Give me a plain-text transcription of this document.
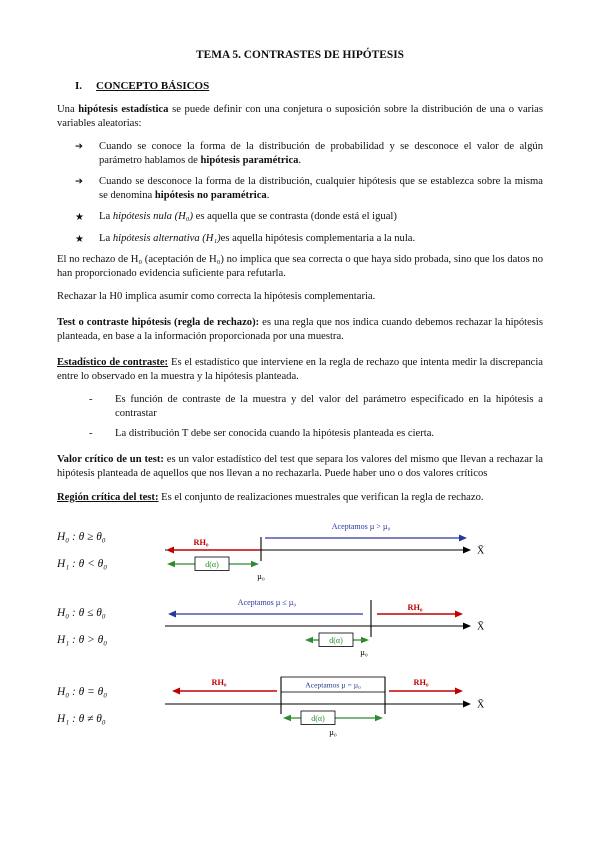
TEMA 5. CONTRASTES DE HIPÓTESIS
I. CONCEPTO BÁSICOS

Una hipótesis estadística se puede definir con una conjetura o suposición sobre la distribución de una o varias variables aleatorias:

➔	Cuando se conoce la forma de la distribución de probabilidad y se desconoce el valor de algún parámetro hablamos de hipótesis paramétrica.
➔	Cuando se desconoce la forma de la distribución, cualquier hipótesis que se establezca sobre la misma se denomina hipótesis no paramétrica.
★	La hipótesis nula (H₀) es aquella que se contrasta (donde está el igual)
★	La hipótesis alternativa (H₁)es aquella hipótesis complementaria a la nula.

El no rechazo de H₀ (aceptación de H₀) no implica que sea correcta o que haya sido probada, sino que los datos no han proporcionado evidencia suficiente para refutarla.

Rechazar la H0 implica asumir como correcta la hipótesis complementaria.

Test o contraste hipótesis (regla de rechazo): es una regla que nos indica cuando debemos rechazar la hipótesis planteada, en base a la información proporcionada por una muestra.

Estadístico de contraste: Es el estadístico que interviene en la regla de rechazo que intenta medir la discrepancia entre lo observado en la muestra y la hipótesis planteada.

-	Es función de contraste de la muestra y del valor del parámetro especificado en la hipótesis a contrastar
-	La distribución T debe ser conocida cuando la hipótesis planteada es cierta.

Valor crítico de un test: es un valor estadístico del test que separa los valores del mismo que llevan a rechazar la hipótesis planteada de aquellos que nos llevan a no rechazarla. Puede haber uno o dos valores críticos

Región crítica del test: Es el conjunto de realizaciones muestrales que verifican la regla de rechazo.

H₀ : θ ≥ θ₀
H₁ : θ < θ₀
Aceptamos µ > µ₀
RH₀
d(α)
µ₀
X̄
H₀ : θ ≤ θ₀
H₁ : θ > θ₀
Aceptamos µ ≤ µ₀
RH₀
d(α)
µ₀
X̄
H₀ : θ = θ₀
H₁ : θ ≠ θ₀
RH₀	RH₀
Aceptamos µ = µ₀
d(α)
µ₀
X̄
